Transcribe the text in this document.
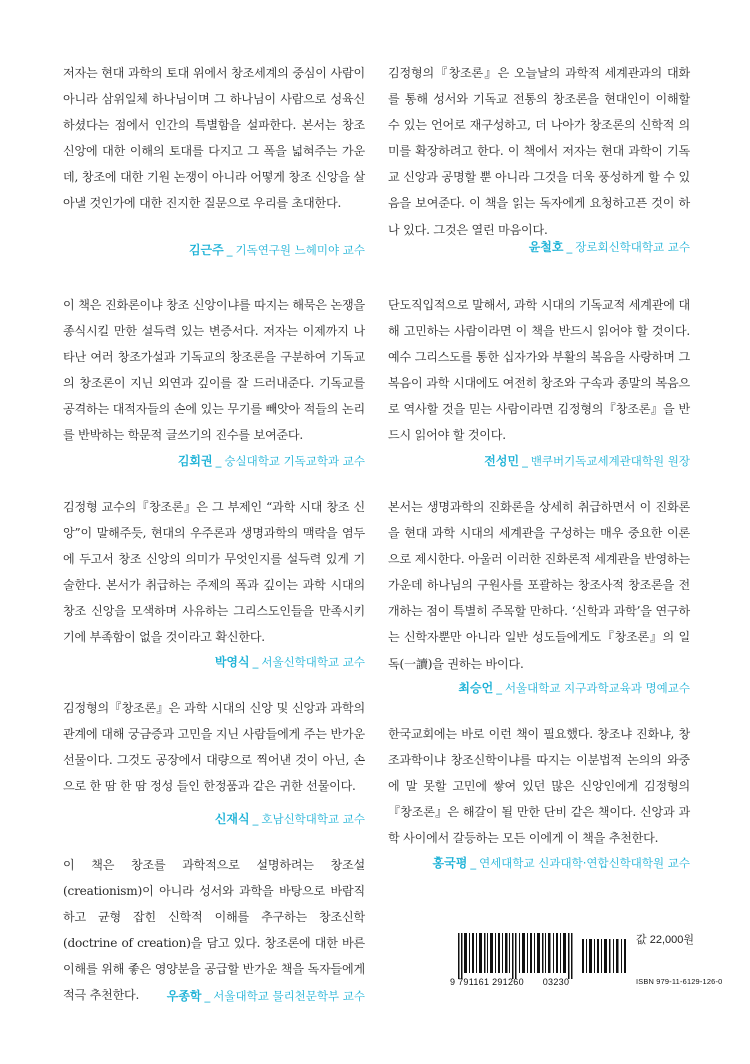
저자는 현대 과학의 토대 위에서 창조세계의 중심이 사람이 아니라 삼위일체 하나님이며 그 하나님이 사람으로 성육신하셨다는 점에서 인간의 특별함을 설파한다. 본서는 창조 신앙에 대한 이해의 토대를 다지고 그 폭을 넓혀주는 가운데, 창조에 대한 기원 논쟁이 아니라 어떻게 창조 신앙을 살아낼 것인가에 대한 진지한 질문으로 우리를 초대한다.

김근주 _ 기독연구원 느헤미야 교수

이 책은 진화론이냐 창조 신앙이냐를 따지는 해묵은 논쟁을 종식시킬 만한 설득력 있는 변증서다. 저자는 이제까지 나타난 여러 창조가설과 기독교의 창조론을 구분하여 기독교의 창조론이 지닌 외연과 깊이를 잘 드러내준다. 기독교를 공격하는 대적자들의 손에 있는 무기를 빼앗아 적들의 논리를 반박하는 학문적 글쓰기의 진수를 보여준다.

김회권 _ 숭실대학교 기독교학과 교수

김정형 교수의『창조론』은 그 부제인 “과학 시대 창조 신앙”이 말해주듯, 현대의 우주론과 생명과학의 맥락을 염두에 두고서 창조 신앙의 의미가 무엇인지를 설득력 있게 기술한다. 본서가 취급하는 주제의 폭과 깊이는 과학 시대의 창조 신앙을 모색하며 사유하는 그리스도인들을 만족시키기에 부족함이 없을 것이라고 확신한다.

박영식 _ 서울신학대학교 교수

김정형의『창조론』은 과학 시대의 신앙 및 신앙과 과학의 관계에 대해 궁금증과 고민을 지닌 사람들에게 주는 반가운 선물이다. 그것도 공장에서 대량으로 찍어낸 것이 아닌, 손으로 한 땀 한 땀 정성 들인 한정품과 같은 귀한 선물이다.

신재식 _ 호남신학대학교 교수

이 책은 창조를 과학적으로 설명하려는 창조설(creationism)이 아니라 성서와 과학을 바탕으로 바람직하고 균형 잡힌 신학적 이해를 추구하는 창조신학(doctrine of creation)을 담고 있다. 창조론에 대한 바른 이해를 위해 좋은 영양분을 공급할 반가운 책을 독자들에게 적극 추천한다.	우종학 _ 서울대학교 물리천문학부 교수

김정형의『창조론』은 오늘날의 과학적 세계관과의 대화를 통해 성서와 기독교 전통의 창조론을 현대인이 이해할 수 있는 언어로 재구성하고, 더 나아가 창조론의 신학적 의미를 확장하려고 한다. 이 책에서 저자는 현대 과학이 기독교 신앙과 공명할 뿐 아니라 그것을 더욱 풍성하게 할 수 있음을 보여준다. 이 책을 읽는 독자에게 요청하고픈 것이 하나 있다. 그것은 열린 마음이다.

윤철호 _ 장로회신학대학교 교수

단도직입적으로 말해서, 과학 시대의 기독교적 세계관에 대해 고민하는 사람이라면 이 책을 반드시 읽어야 할 것이다. 예수 그리스도를 통한 십자가와 부활의 복음을 사랑하며 그 복음이 과학 시대에도 여전히 창조와 구속과 종말의 복음으로 역사할 것을 믿는 사람이라면 김정형의『창조론』을 반드시 읽어야 할 것이다.

전성민 _ 밴쿠버기독교세계관대학원 원장

본서는 생명과학의 진화론을 상세히 취급하면서 이 진화론을 현대 과학 시대의 세계관을 구성하는 매우 중요한 이론으로 제시한다. 아울러 이러한 진화론적 세계관을 반영하는 가운데 하나님의 구원사를 포괄하는 창조사적 창조론을 전개하는 점이 특별히 주목할 만하다. ‘신학과 과학’을 연구하는 신학자뿐만 아니라 일반 성도들에게도『창조론』의 일독(一讀)을 권하는 바이다.

최승언 _ 서울대학교 지구과학교육과 명예교수

한국교회에는 바로 이런 책이 필요했다. 창조냐 진화냐, 창조과학이냐 창조신학이냐를 따지는 이분법적 논의의 와중에 말 못할 고민에 쌓여 있던 많은 신앙인에게 김정형의『창조론』은 해갈이 될 만한 단비 같은 책이다. 신앙과 과학 사이에서 갈등하는 모든 이에게 이 책을 추천한다.

홍국평 _ 연세대학교 신과대학·연합신학대학원 교수
9 791161 291260 03230	ISBN 979-11-6129-126-0
값 22,000원
